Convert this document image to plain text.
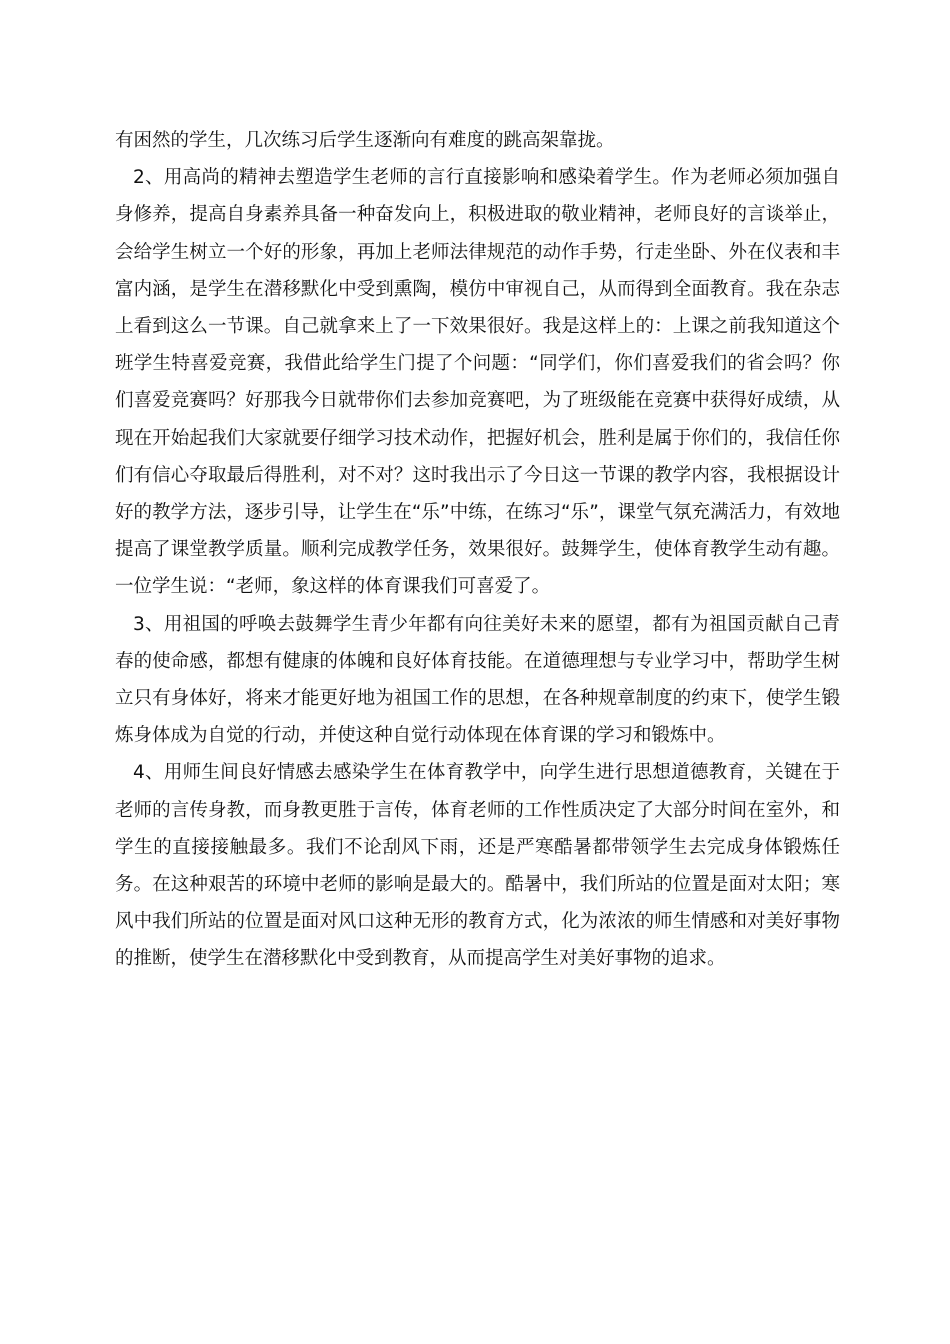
有困然的学生，几次练习后学生逐渐向有难度的跳高架靠拢。

2、用高尚的精神去塑造学生老师的言行直接影响和感染着学生。作为老师必须加强自身修养，提高自身素养具备一种奋发向上，积极进取的敬业精神，老师良好的言谈举止，会给学生树立一个好的形象，再加上老师法律规范的动作手势，行走坐卧、外在仪表和丰富内涵，是学生在潜移默化中受到熏陶，模仿中审视自己，从而得到全面教育。我在杂志上看到这么一节课。自己就拿来上了一下效果很好。我是这样上的：上课之前我知道这个班学生特喜爱竞赛，我借此给学生门提了个问题：“同学们，你们喜爱我们的省会吗？你们喜爱竞赛吗？好那我今日就带你们去参加竞赛吧，为了班级能在竞赛中获得好成绩，从现在开始起我们大家就要仔细学习技术动作，把握好机会，胜利是属于你们的，我信任你们有信心夺取最后得胜利，对不对？这时我出示了今日这一节课的教学内容，我根据设计好的教学方法，逐步引导，让学生在“乐”中练，在练习“乐”，课堂气氛充满活力，有效地提高了课堂教学质量。顺利完成教学任务，效果很好。鼓舞学生，使体育教学生动有趣。一位学生说：“老师，象这样的体育课我们可喜爱了。

3、用祖国的呼唤去鼓舞学生青少年都有向往美好未来的愿望，都有为祖国贡献自己青春的使命感，都想有健康的体魄和良好体育技能。在道德理想与专业学习中，帮助学生树立只有身体好，将来才能更好地为祖国工作的思想，在各种规章制度的约束下，使学生锻炼身体成为自觉的行动，并使这种自觉行动体现在体育课的学习和锻炼中。

4、用师生间良好情感去感染学生在体育教学中，向学生进行思想道德教育，关键在于老师的言传身教，而身教更胜于言传，体育老师的工作性质决定了大部分时间在室外，和学生的直接接触最多。我们不论刮风下雨，还是严寒酷暑都带领学生去完成身体锻炼任务。在这种艰苦的环境中老师的影响是最大的。酷暑中，我们所站的位置是面对太阳；寒风中我们所站的位置是面对风口这种无形的教育方式，化为浓浓的师生情感和对美好事物的推断，使学生在潜移默化中受到教育，从而提高学生对美好事物的追求。
